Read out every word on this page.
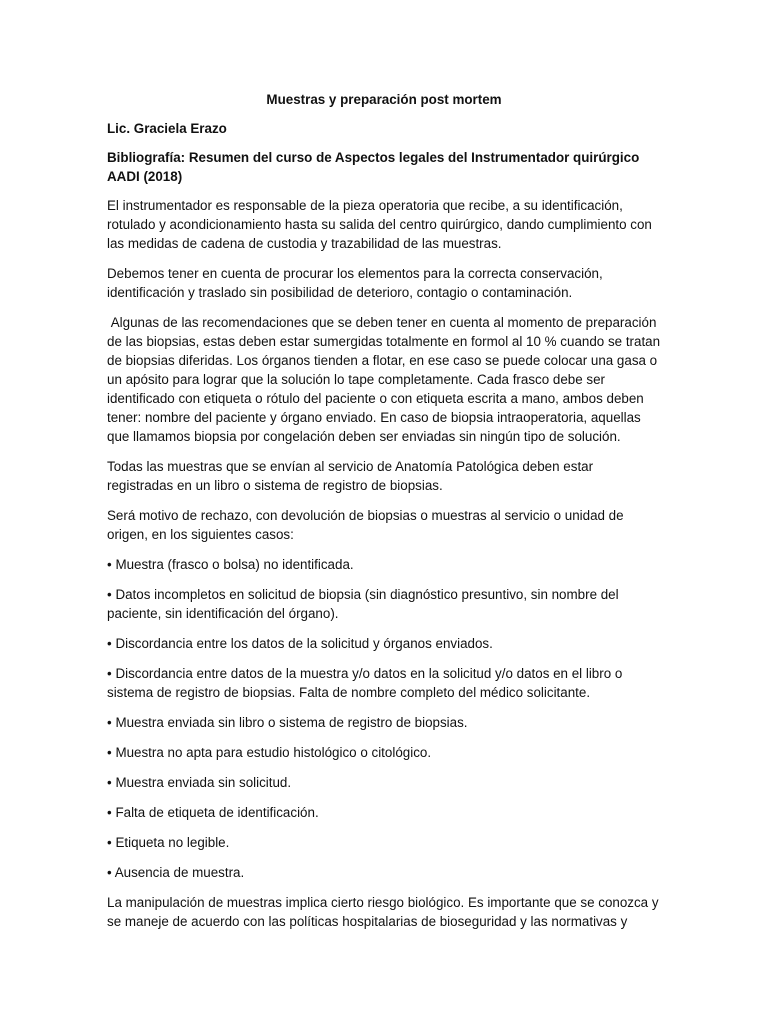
Muestras y preparación post mortem
Lic. Graciela Erazo
Bibliografía: Resumen del curso de Aspectos legales del Instrumentador quirúrgico AADI (2018)

El instrumentador es responsable de la pieza operatoria que recibe, a su identificación, rotulado y acondicionamiento hasta su salida del centro quirúrgico, dando cumplimiento con las medidas de cadena de custodia y trazabilidad de las muestras.

Debemos tener en cuenta de procurar los elementos para la correcta conservación, identificación y traslado sin posibilidad de deterioro, contagio o contaminación.

Algunas de las recomendaciones que se deben tener en cuenta al momento de preparación de las biopsias, estas deben estar sumergidas totalmente en formol al 10 % cuando se tratan de biopsias diferidas. Los órganos tienden a flotar, en ese caso se puede colocar una gasa o un apósito para lograr que la solución lo tape completamente. Cada frasco debe ser identificado con etiqueta o rótulo del paciente o con etiqueta escrita a mano, ambos deben tener: nombre del paciente y órgano enviado. En caso de biopsia intraoperatoria, aquellas que llamamos biopsia por congelación deben ser enviadas sin ningún tipo de solución.

Todas las muestras que se envían al servicio de Anatomía Patológica deben estar registradas en un libro o sistema de registro de biopsias.

Será motivo de rechazo, con devolución de biopsias o muestras al servicio o unidad de origen, en los siguientes casos:

• Muestra (frasco o bolsa) no identificada.
• Datos incompletos en solicitud de biopsia (sin diagnóstico presuntivo, sin nombre del paciente, sin identificación del órgano).
• Discordancia entre los datos de la solicitud y órganos enviados.
• Discordancia entre datos de la muestra y/o datos en la solicitud y/o datos en el libro o sistema de registro de biopsias. Falta de nombre completo del médico solicitante.
• Muestra enviada sin libro o sistema de registro de biopsias.
• Muestra no apta para estudio histológico o citológico.
• Muestra enviada sin solicitud.
• Falta de etiqueta de identificación.
• Etiqueta no legible.
• Ausencia de muestra.

La manipulación de muestras implica cierto riesgo biológico. Es importante que se conozca y se maneje de acuerdo con las políticas hospitalarias de bioseguridad y las normativas y
